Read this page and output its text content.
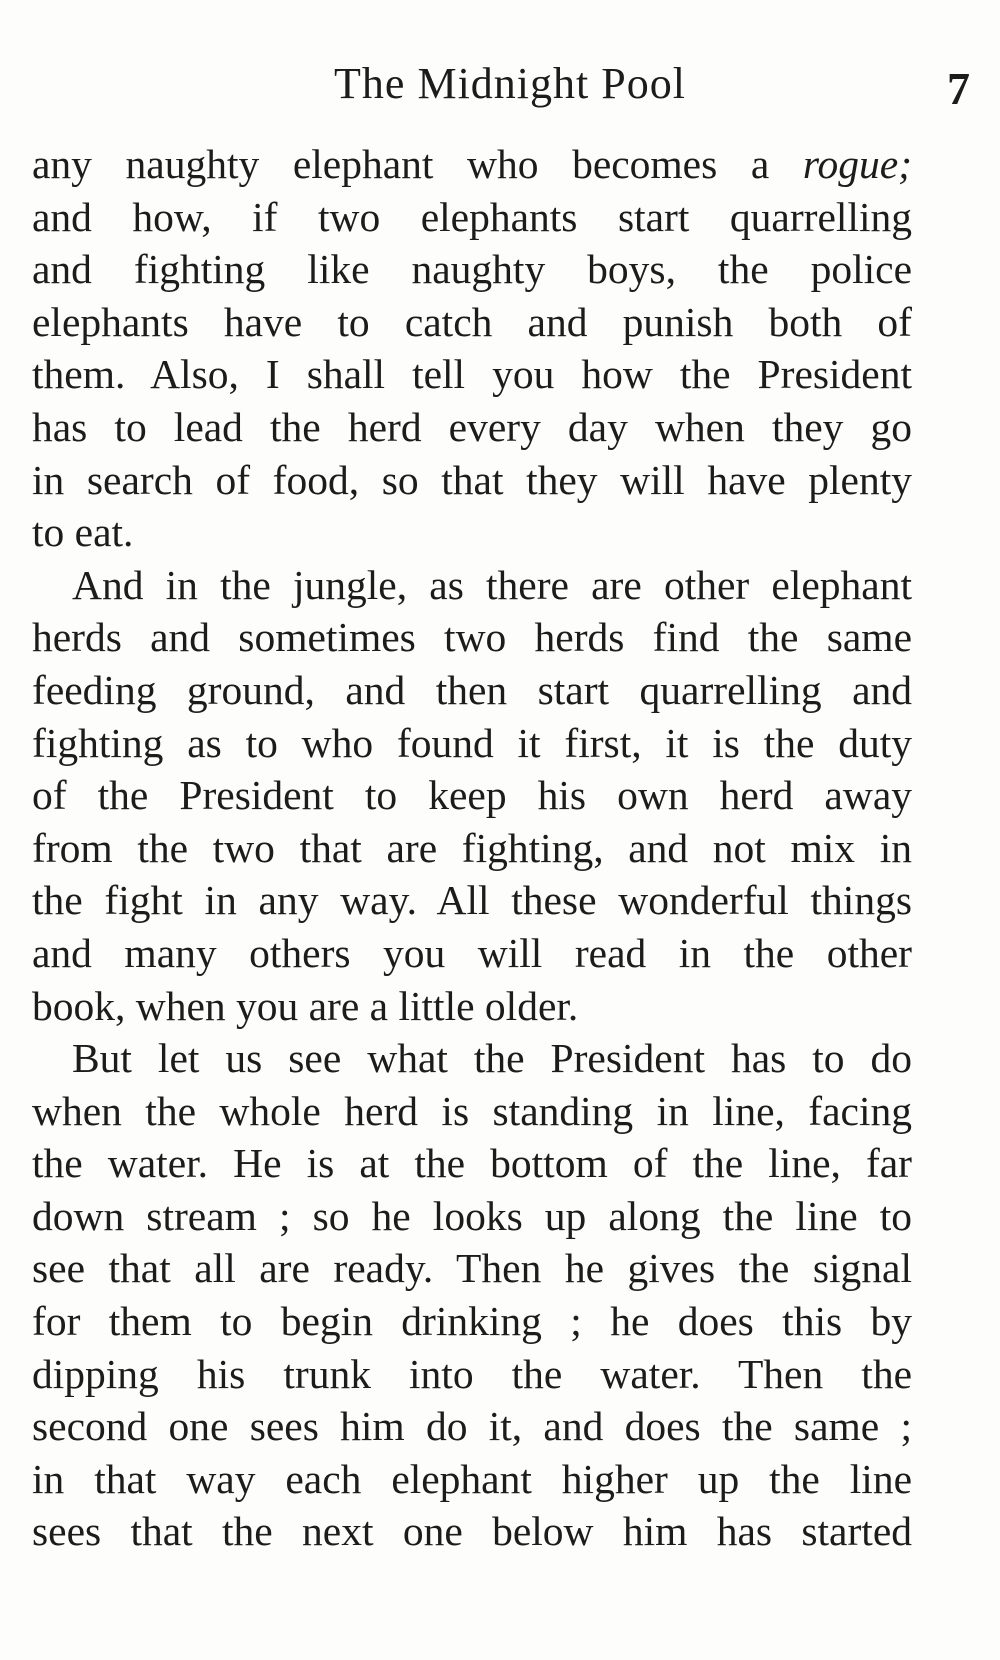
The Midnight Pool	7
any naughty elephant who becomes a rogue;
and how, if two elephants start quarrelling
and fighting like naughty boys, the police
elephants have to catch and punish both of
them. Also, I shall tell you how the President
has to lead the herd every day when they go
in search of food, so that they will have plenty
to eat.
And in the jungle, as there are other elephant
herds and sometimes two herds find the same
feeding ground, and then start quarrelling and
fighting as to who found it first, it is the duty
of the President to keep his own herd away
from the two that are fighting, and not mix in
the fight in any way. All these wonderful things
and many others you will read in the other
book, when you are a little older.
But let us see what the President has to do
when the whole herd is standing in line, facing
the water. He is at the bottom of the line, far
down stream ; so he looks up along the line to
see that all are ready. Then he gives the signal
for them to begin drinking ; he does this by
dipping his trunk into the water. Then the
second one sees him do it, and does the same ;
in that way each elephant higher up the line
sees that the next one below him has started
